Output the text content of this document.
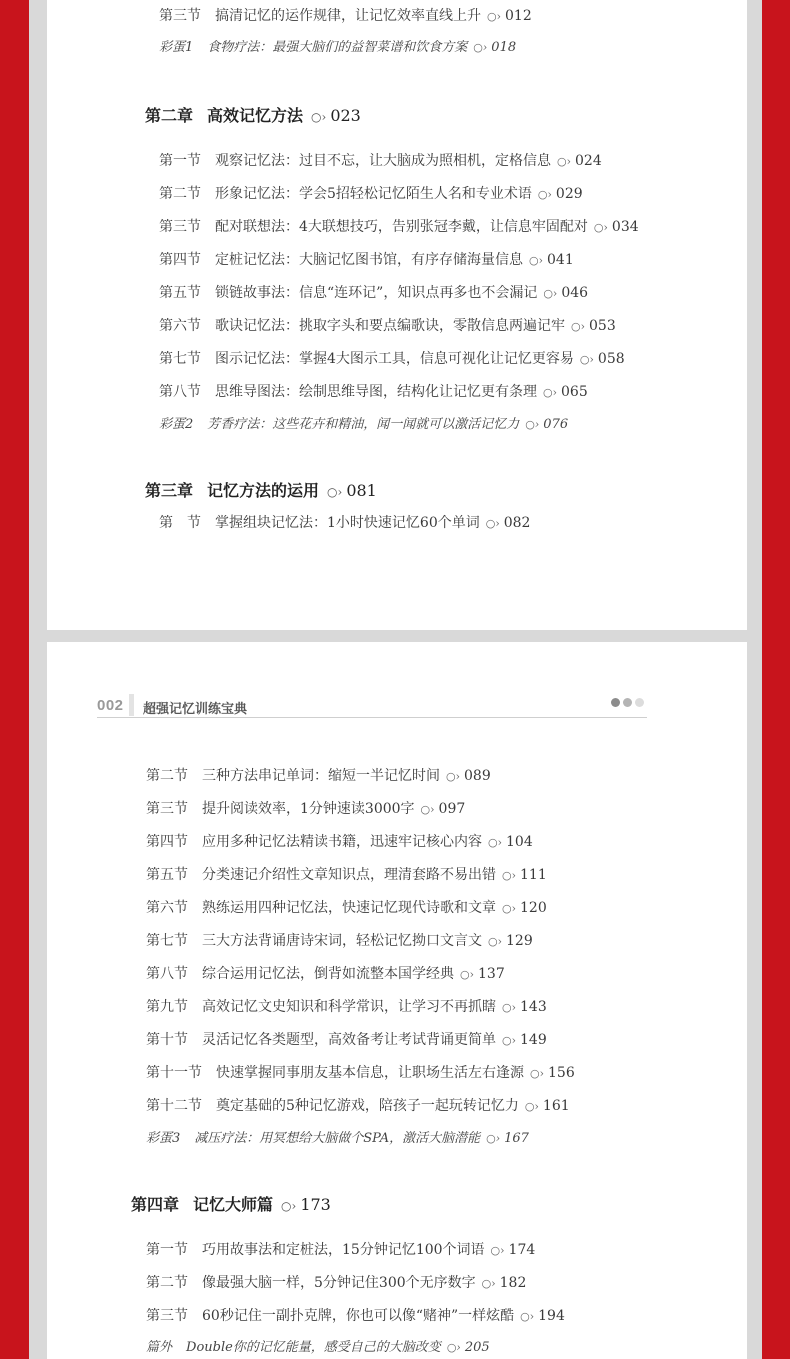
第三节 搞清记忆的运作规律，让记忆效率直线上升 ○› 012
彩蛋1 食物疗法：最强大脑们的益智菜谱和饮食方案 ○› 018
第二章 高效记忆方法 ○› 023
第一节 观察记忆法：过目不忘，让大脑成为照相机，定格信息 ○› 024
第二节 形象记忆法：学会5招轻松记忆陌生人名和专业术语 ○› 029
第三节 配对联想法：4大联想技巧，告别张冠李戴，让信息牢固配对 ○› 034
第四节 定桩记忆法：大脑记忆图书馆，有序存储海量信息 ○› 041
第五节 锁链故事法：信息“连环记”，知识点再多也不会漏记 ○› 046
第六节 歌诀记忆法：挑取字头和要点编歌诀，零散信息两遍记牢 ○› 053
第七节 图示记忆法：掌握4大图示工具，信息可视化让记忆更容易 ○› 058
第八节 思维导图法：绘制思维导图，结构化让记忆更有条理 ○› 065
彩蛋2 芳香疗法：这些花卉和精油，闻一闻就可以激活记忆力 ○› 076
第三章 记忆方法的运用 ○› 081
第　节 掌握组块记忆法：1小时快速记忆60个单词 ○› 082
002 超强记忆训练宝典
第二节 三种方法串记单词：缩短一半记忆时间 ○› 089
第三节 提升阅读效率，1分钟速读3000字 ○› 097
第四节 应用多种记忆法精读书籍，迅速牢记核心内容 ○› 104
第五节 分类速记介绍性文章知识点，理清套路不易出错 ○› 111
第六节 熟练运用四种记忆法，快速记忆现代诗歌和文章 ○› 120
第七节 三大方法背诵唐诗宋词，轻松记忆拗口文言文 ○› 129
第八节 综合运用记忆法，倒背如流整本国学经典 ○› 137
第九节 高效记忆文史知识和科学常识，让学习不再抓瞎 ○› 143
第十节 灵活记忆各类题型，高效备考让考试背诵更简单 ○› 149
第十一节 快速掌握同事朋友基本信息，让职场生活左右逢源 ○› 156
第十二节 奠定基础的5种记忆游戏，陪孩子一起玩转记忆力 ○› 161
彩蛋3 减压疗法：用冥想给大脑做个SPA，激活大脑潜能 ○› 167
第四章 记忆大师篇 ○› 173
第一节 巧用故事法和定桩法，15分钟记忆100个词语 ○› 174
第二节 像最强大脑一样，5分钟记住300个无序数字 ○› 182
第三节 60秒记住一副扑克牌，你也可以像“赌神”一样炫酷 ○› 194
篇外 Double你的记忆能量，感受自己的大脑改变 ○› 205
